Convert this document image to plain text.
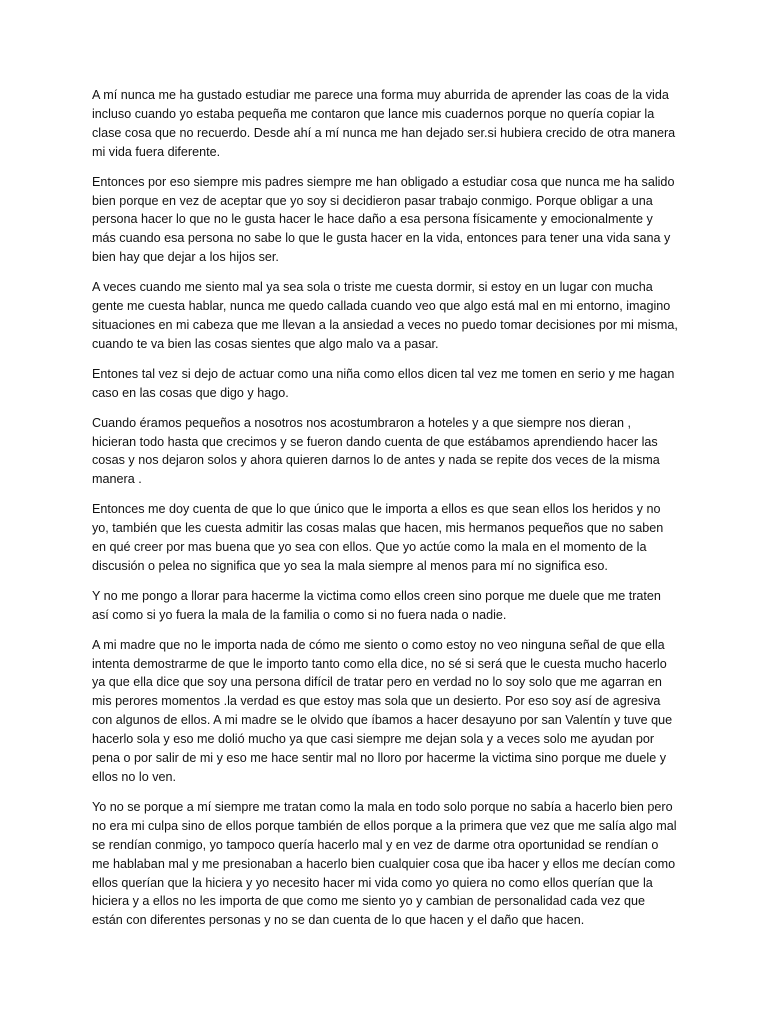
A mí nunca me ha gustado estudiar me parece una forma muy aburrida de aprender las coas de la vida incluso cuando yo estaba pequeña me contaron que lance mis cuadernos porque no quería copiar la clase cosa que no recuerdo. Desde ahí a mí nunca me han dejado ser.si hubiera crecido de otra manera mi vida fuera diferente.

Entonces por eso siempre mis padres siempre me han obligado a estudiar cosa que nunca me ha salido bien porque en vez de aceptar que yo soy si decidieron pasar trabajo conmigo. Porque obligar a una persona hacer lo que no le gusta hacer le hace daño a esa persona físicamente y emocionalmente y más cuando esa persona no sabe lo que le gusta hacer en la vida, entonces para tener una vida sana y bien hay que dejar a los hijos ser.

A veces cuando me siento mal ya sea sola o triste me cuesta dormir, si estoy en un lugar con mucha gente me cuesta hablar, nunca me quedo callada cuando veo que algo está mal en mi entorno, imagino situaciones en mi cabeza que me llevan a la ansiedad a veces no puedo tomar decisiones por mi misma, cuando te va bien las cosas sientes que algo malo va a pasar.

Entones tal vez si dejo de actuar como una niña como ellos dicen tal vez me tomen en serio y me hagan caso en las cosas que digo y hago.

Cuando éramos pequeños a nosotros nos acostumbraron a hoteles y a que siempre nos dieran , hicieran todo hasta que crecimos y se fueron dando cuenta de que estábamos aprendiendo hacer las cosas y nos dejaron solos y ahora quieren darnos lo de antes y nada se repite dos veces de la misma manera .

Entonces me doy cuenta de que lo que único que le importa a ellos es que sean ellos los heridos y no yo, también que les cuesta admitir las cosas malas que hacen, mis hermanos pequeños que no saben en qué creer por mas buena que yo sea con ellos. Que yo actúe como la mala en el momento de la discusión o pelea no significa que yo sea la mala siempre al menos para mí no significa eso.

Y no me pongo a llorar para hacerme la victima como ellos creen sino porque me duele que me traten así como si yo fuera la mala de la familia o como si no fuera nada o nadie.

A mi madre que no le importa nada de cómo me siento o como estoy no veo ninguna señal de que ella intenta demostrarme de que le importo tanto como ella dice, no sé si será que le cuesta mucho hacerlo ya que ella dice que soy una persona difícil de tratar pero en verdad no lo soy solo que me agarran en mis perores momentos .la verdad es que estoy mas sola que un desierto. Por eso soy así de agresiva con algunos de ellos. A mi madre se le olvido que íbamos a hacer desayuno por san Valentín y tuve que hacerlo sola y eso me dolió mucho ya que casi siempre me dejan sola y a veces solo me ayudan por pena o por salir de mi y eso me hace sentir mal no lloro por hacerme la victima sino porque me duele y ellos no lo ven.

Yo no se porque a mí siempre me tratan como la mala en todo solo porque no sabía a hacerlo bien pero no era mi culpa sino de ellos porque también de ellos porque a la primera que vez que me salía algo mal se rendían conmigo, yo tampoco quería hacerlo mal y en vez de darme otra oportunidad se rendían o me hablaban mal y me presionaban a hacerlo bien cualquier cosa que iba hacer y ellos me decían como ellos querían que la hiciera y yo necesito hacer mi vida como yo quiera no como ellos querían que la hiciera y a ellos no les importa de que como me siento yo y cambian de personalidad cada vez que están con diferentes personas y no se dan cuenta de lo que hacen y el daño que hacen.
